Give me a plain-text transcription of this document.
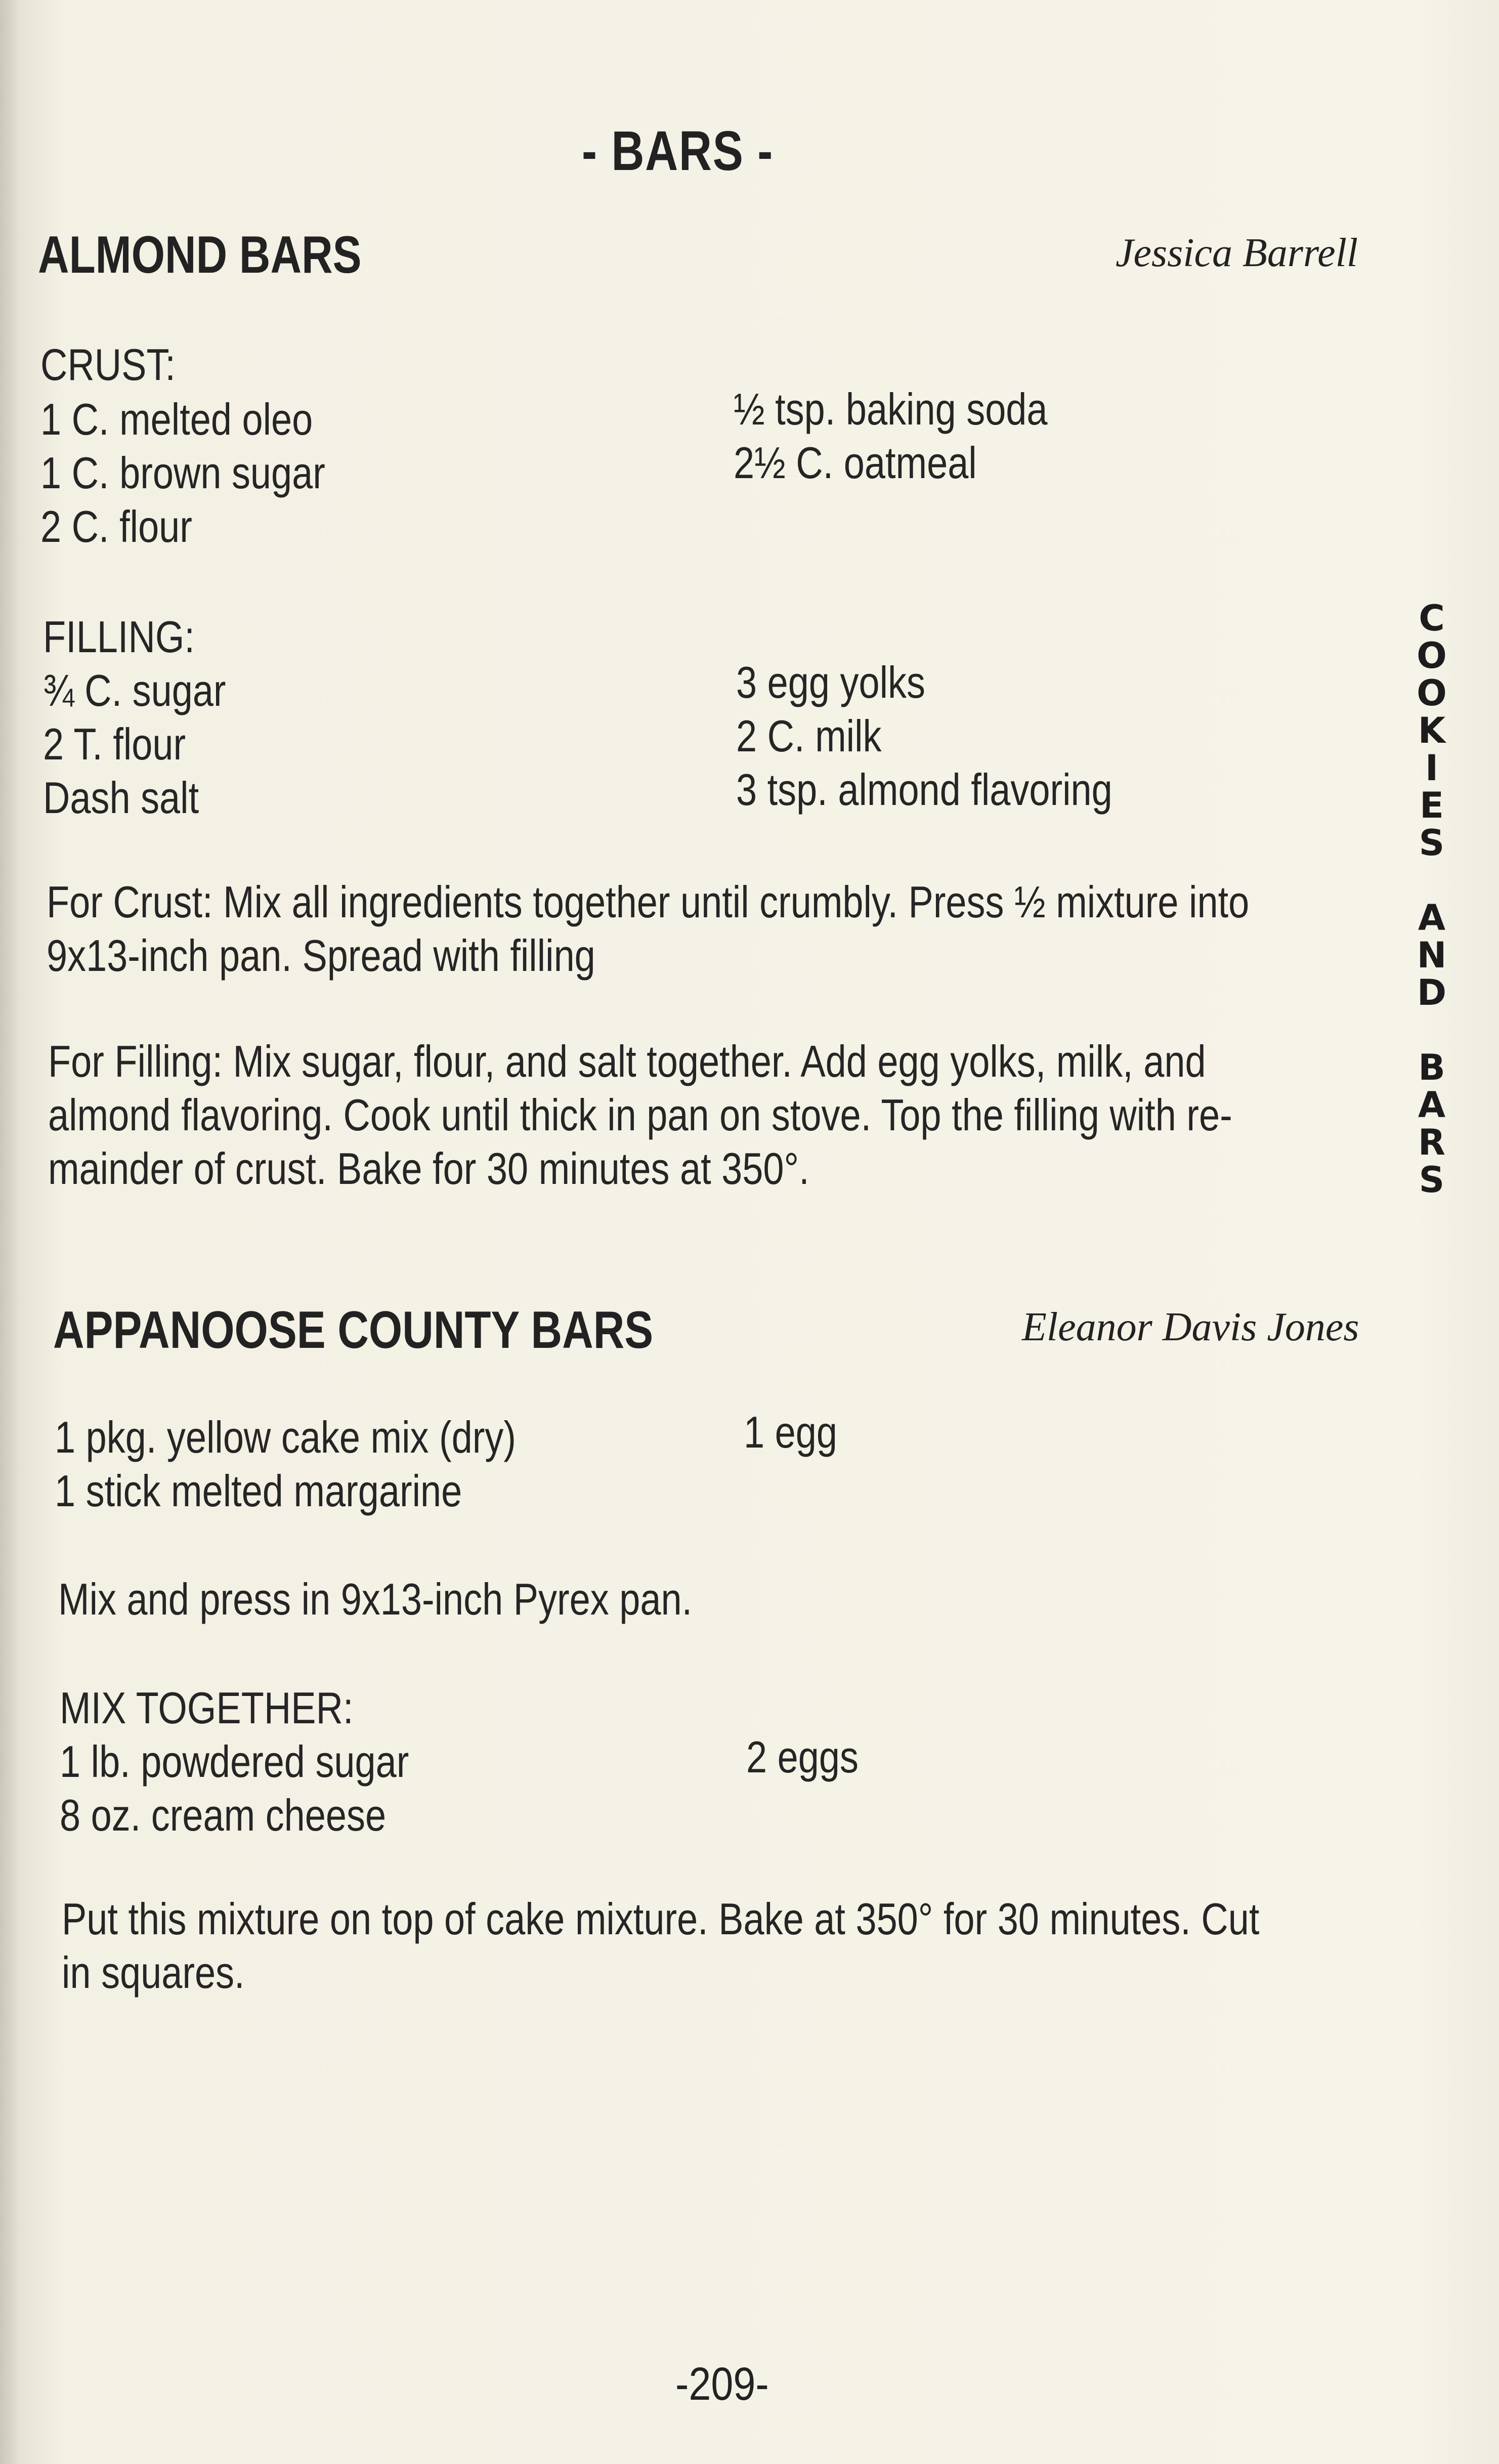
- BARS -
ALMOND BARS	Jessica Barrell
CRUST:
1 C. melted oleo
1 C. brown sugar
2 C. flour
½ tsp. baking soda
2½ C. oatmeal
FILLING:
¾ C. sugar
2 T. flour
Dash salt
3 egg yolks
2 C. milk
3 tsp. almond flavoring
For Crust: Mix all ingredients together until crumbly. Press ½ mixture into
9x13-inch pan. Spread with filling
For Filling: Mix sugar, flour, and salt together. Add egg yolks, milk, and
almond flavoring. Cook until thick in pan on stove. Top the filling with re-
mainder of crust. Bake for 30 minutes at 350°.
APPANOOSE COUNTY BARS	Eleanor Davis Jones
1 pkg. yellow cake mix (dry)
1 stick melted margarine
1 egg
Mix and press in 9x13-inch Pyrex pan.
MIX TOGETHER:
1 lb. powdered sugar
8 oz. cream cheese
2 eggs
Put this mixture on top of cake mixture. Bake at 350° for 30 minutes. Cut
in squares.
C
O
O
K
I
E
S
A
N
D
B
A
R
S
-209-
